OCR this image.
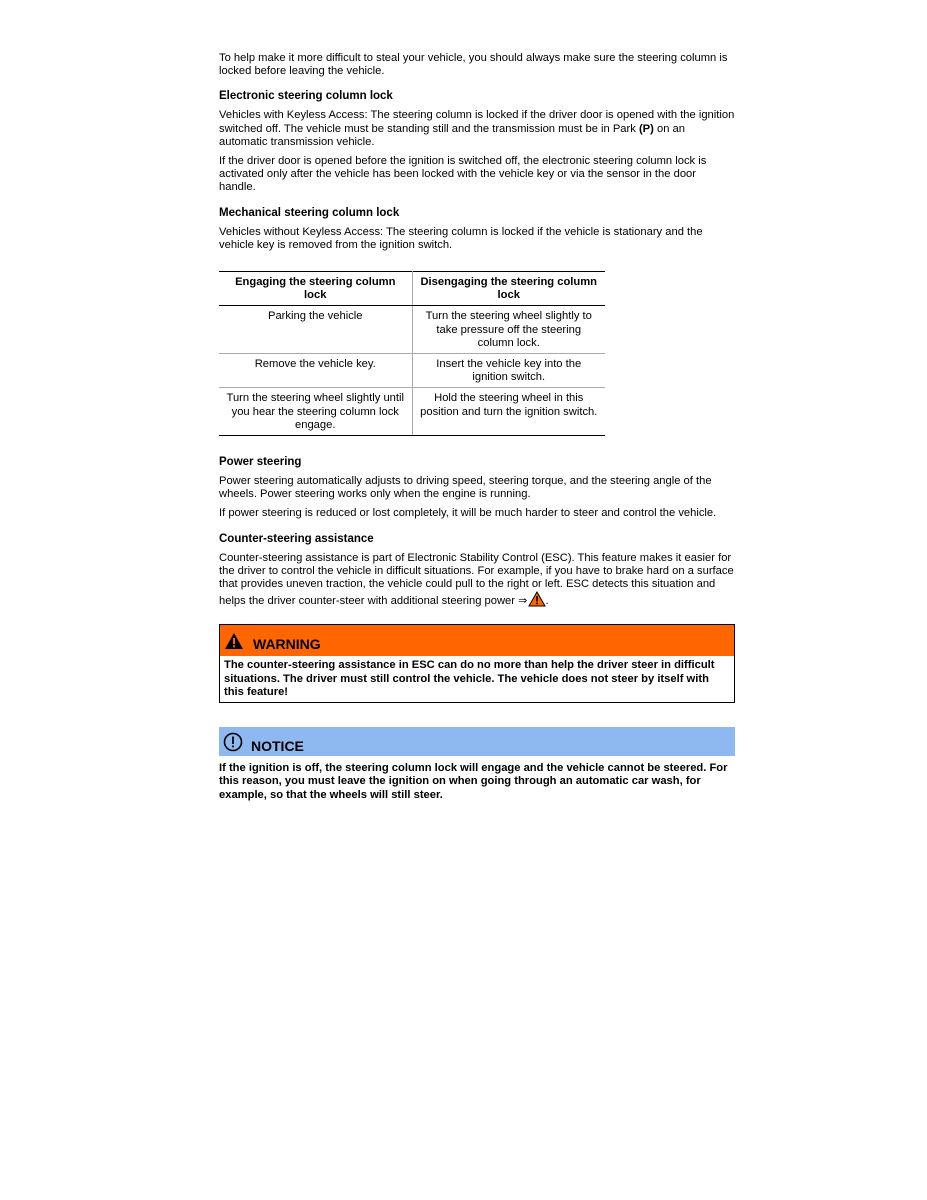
To help make it more difficult to steal your vehicle, you should always make sure the steering column is locked before leaving the vehicle.

Electronic steering column lock

Vehicles with Keyless Access: The steering column is locked if the driver door is opened with the ignition switched off. The vehicle must be standing still and the transmission must be in Park (P) on an automatic transmission vehicle.

If the driver door is opened before the ignition is switched off, the electronic steering column lock is activated only after the vehicle has been locked with the vehicle key or via the sensor in the door handle.

Mechanical steering column lock

Vehicles without Keyless Access: The steering column is locked if the vehicle is stationary and the vehicle key is removed from the ignition switch.

Engaging the steering column lock	Disengaging the steering column lock
Parking the vehicle	Turn the steering wheel slightly to take pressure off the steering column lock.
Remove the vehicle key.	Insert the vehicle key into the ignition switch.
Turn the steering wheel slightly until you hear the steering column lock engage.	Hold the steering wheel in this position and turn the ignition switch.
Power steering

Power steering automatically adjusts to driving speed, steering torque, and the steering angle of the wheels. Power steering works only when the engine is running.

If power steering is reduced or lost completely, it will be much harder to steer and control the vehicle.

Counter-steering assistance

Counter-steering assistance is part of Electronic Stability Control (ESC). This feature makes it easier for the driver to control the vehicle in difficult situations. For example, if you have to brake hard on a surface that provides uneven traction, the vehicle could pull to the right or left. ESC detects this situation and helps the driver counter-steer with additional steering power ⇒ .

WARNING
The counter-steering assistance in ESC can do no more than help the driver steer in difficult situations. The driver must still control the vehicle. The vehicle does not steer by itself with this feature!
NOTICE
If the ignition is off, the steering column lock will engage and the vehicle cannot be steered. For this reason, you must leave the ignition on when going through an automatic car wash, for example, so that the wheels will still steer.
